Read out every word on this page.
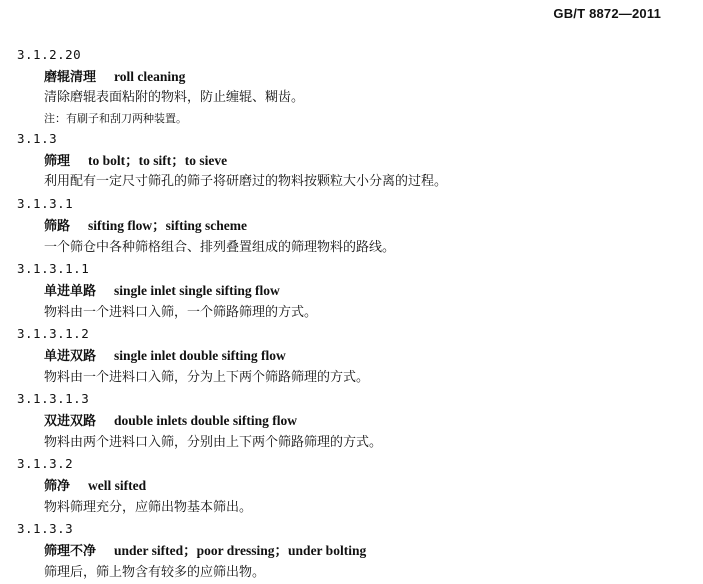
GB/T 8872—2011
3.1.2.20
磨辊清理 roll cleaning
清除磨辊表面粘附的物料，防止缠辊、糊齿。
注：有刷子和刮刀两种装置。
3.1.3
筛理 to bolt；to sift；to sieve
利用配有一定尺寸筛孔的筛子将研磨过的物料按颗粒大小分离的过程。
3.1.3.1
筛路 sifting flow；sifting scheme
一个筛仓中各种筛格组合、排列叠置组成的筛理物料的路线。
3.1.3.1.1
单进单路 single inlet single sifting flow
物料由一个进料口入筛，一个筛路筛理的方式。
3.1.3.1.2
单进双路 single inlet double sifting flow
物料由一个进料口入筛，分为上下两个筛路筛理的方式。
3.1.3.1.3
双进双路 double inlets double sifting flow
物料由两个进料口入筛，分别由上下两个筛路筛理的方式。
3.1.3.2
筛净 well sifted
物料筛理充分，应筛出物基本筛出。
3.1.3.3
筛理不净 under sifted；poor dressing；under bolting
筛理后，筛上物含有较多的应筛出物。
